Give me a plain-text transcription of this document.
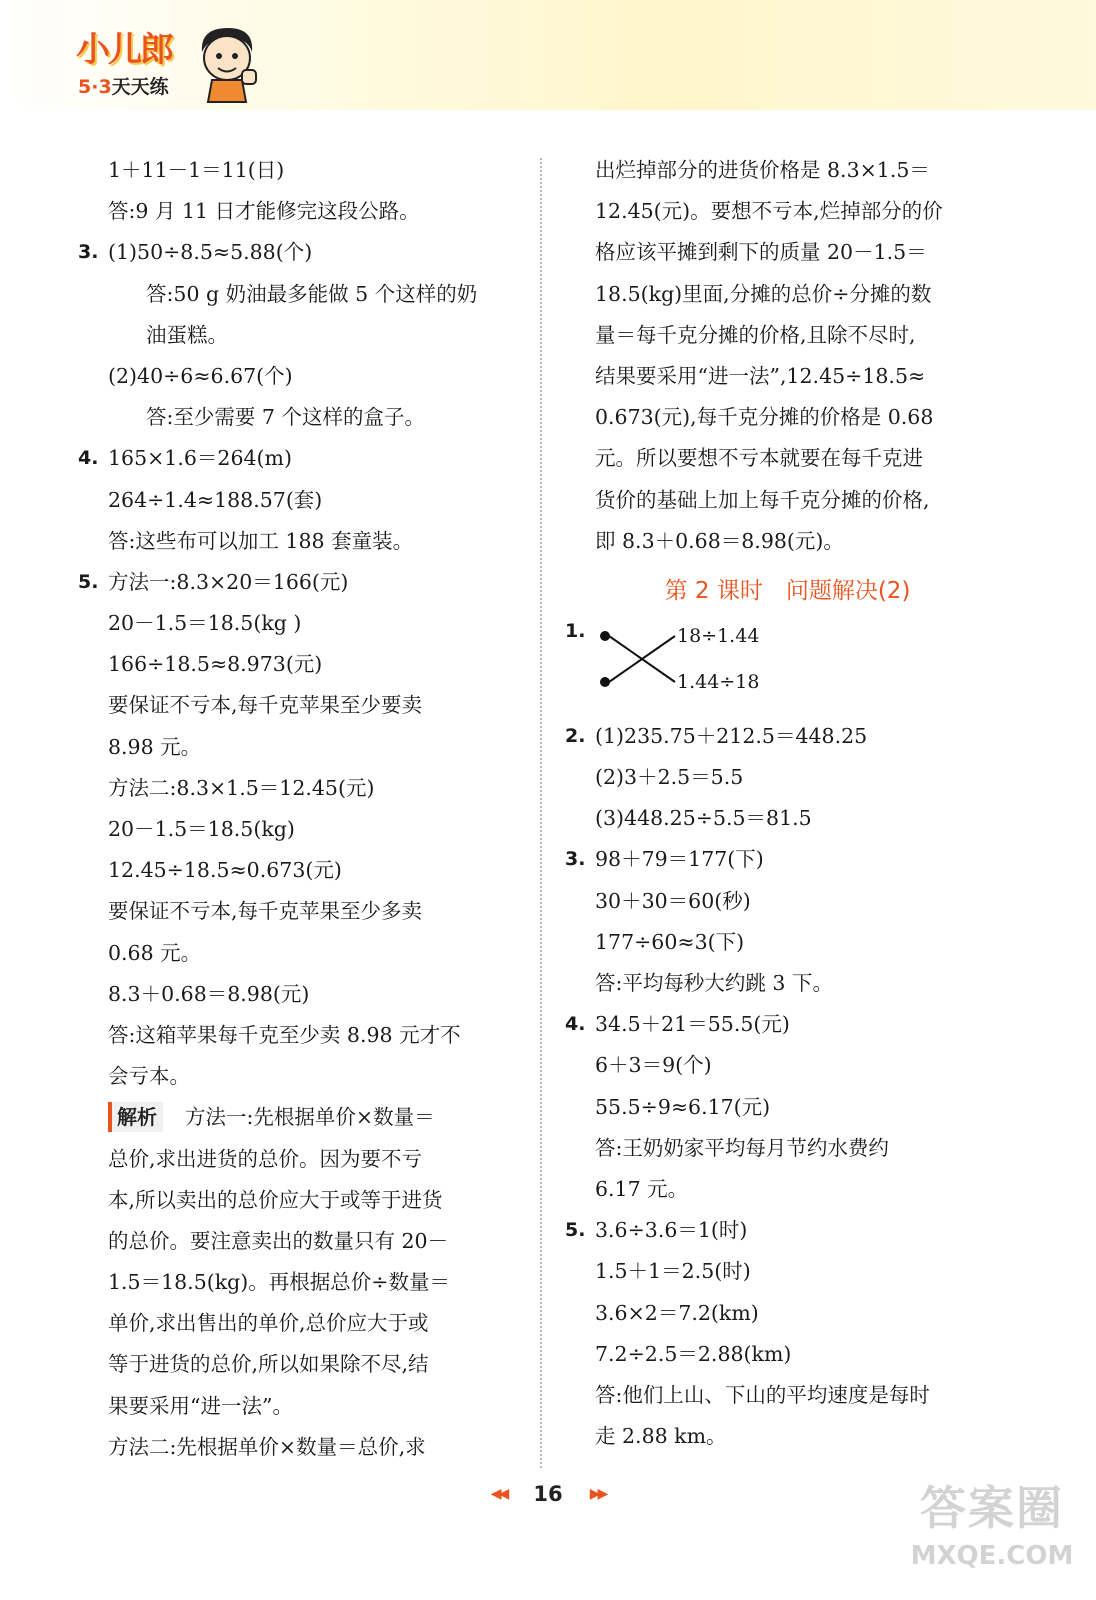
小儿郎
5·3天天练
1＋11－1＝11(日)
答:9 月 11 日才能修完这段公路。
3. (1)50÷8.5≈5.88(个)
答:50 g 奶油最多能做 5 个这样的奶
油蛋糕。
(2)40÷6≈6.67(个)
答:至少需要 7 个这样的盒子。
4. 165×1.6＝264(m)
264÷1.4≈188.57(套)
答:这些布可以加工 188 套童装。
5. 方法一:8.3×20＝166(元)
20－1.5＝18.5(kg )
166÷18.5≈8.973(元)
要保证不亏本,每千克苹果至少要卖
8.98 元。
方法二:8.3×1.5＝12.45(元)
20－1.5＝18.5(kg)
12.45÷18.5≈0.673(元)
要保证不亏本,每千克苹果至少多卖
0.68 元。
8.3＋0.68＝8.98(元)
答:这箱苹果每千克至少卖 8.98 元才不
会亏本。
解析 方法一:先根据单价×数量＝
总价,求出进货的总价。因为要不亏
本,所以卖出的总价应大于或等于进货
的总价。要注意卖出的数量只有 20－
1.5＝18.5(kg)。再根据总价÷数量＝
单价,求出售出的单价,总价应大于或
等于进货的总价,所以如果除不尽,结
果要采用“进一法”。
方法二:先根据单价×数量＝总价,求
出烂掉部分的进货价格是 8.3×1.5＝
12.45(元)。要想不亏本,烂掉部分的价
格应该平摊到剩下的质量 20－1.5＝
18.5(kg)里面,分摊的总价÷分摊的数
量＝每千克分摊的价格,且除不尽时,
结果要采用“进一法”,12.45÷18.5≈
0.673(元),每千克分摊的价格是 0.68
元。所以要想不亏本就要在每千克进
货价的基础上加上每千克分摊的价格,
即 8.3＋0.68＝8.98(元)。
第 2 课时　问题解决(2)
1.	18÷1.44
1.44÷18
2. (1)235.75＋212.5＝448.25
(2)3＋2.5＝5.5
(3)448.25÷5.5＝81.5
3. 98＋79＝177(下)
30＋30＝60(秒)
177÷60≈3(下)
答:平均每秒大约跳 3 下。
4. 34.5＋21＝55.5(元)
6＋3＝9(个)
55.5÷9≈6.17(元)
答:王奶奶家平均每月节约水费约
6.17 元。
5. 3.6÷3.6＝1(时)
1.5＋1＝2.5(时)
3.6×2＝7.2(km)
7.2÷2.5＝2.88(km)
答:他们上山、下山的平均速度是每时
走 2.88 km。
◀◀ 16 ▶▶	答案圈
MXQE.COM
